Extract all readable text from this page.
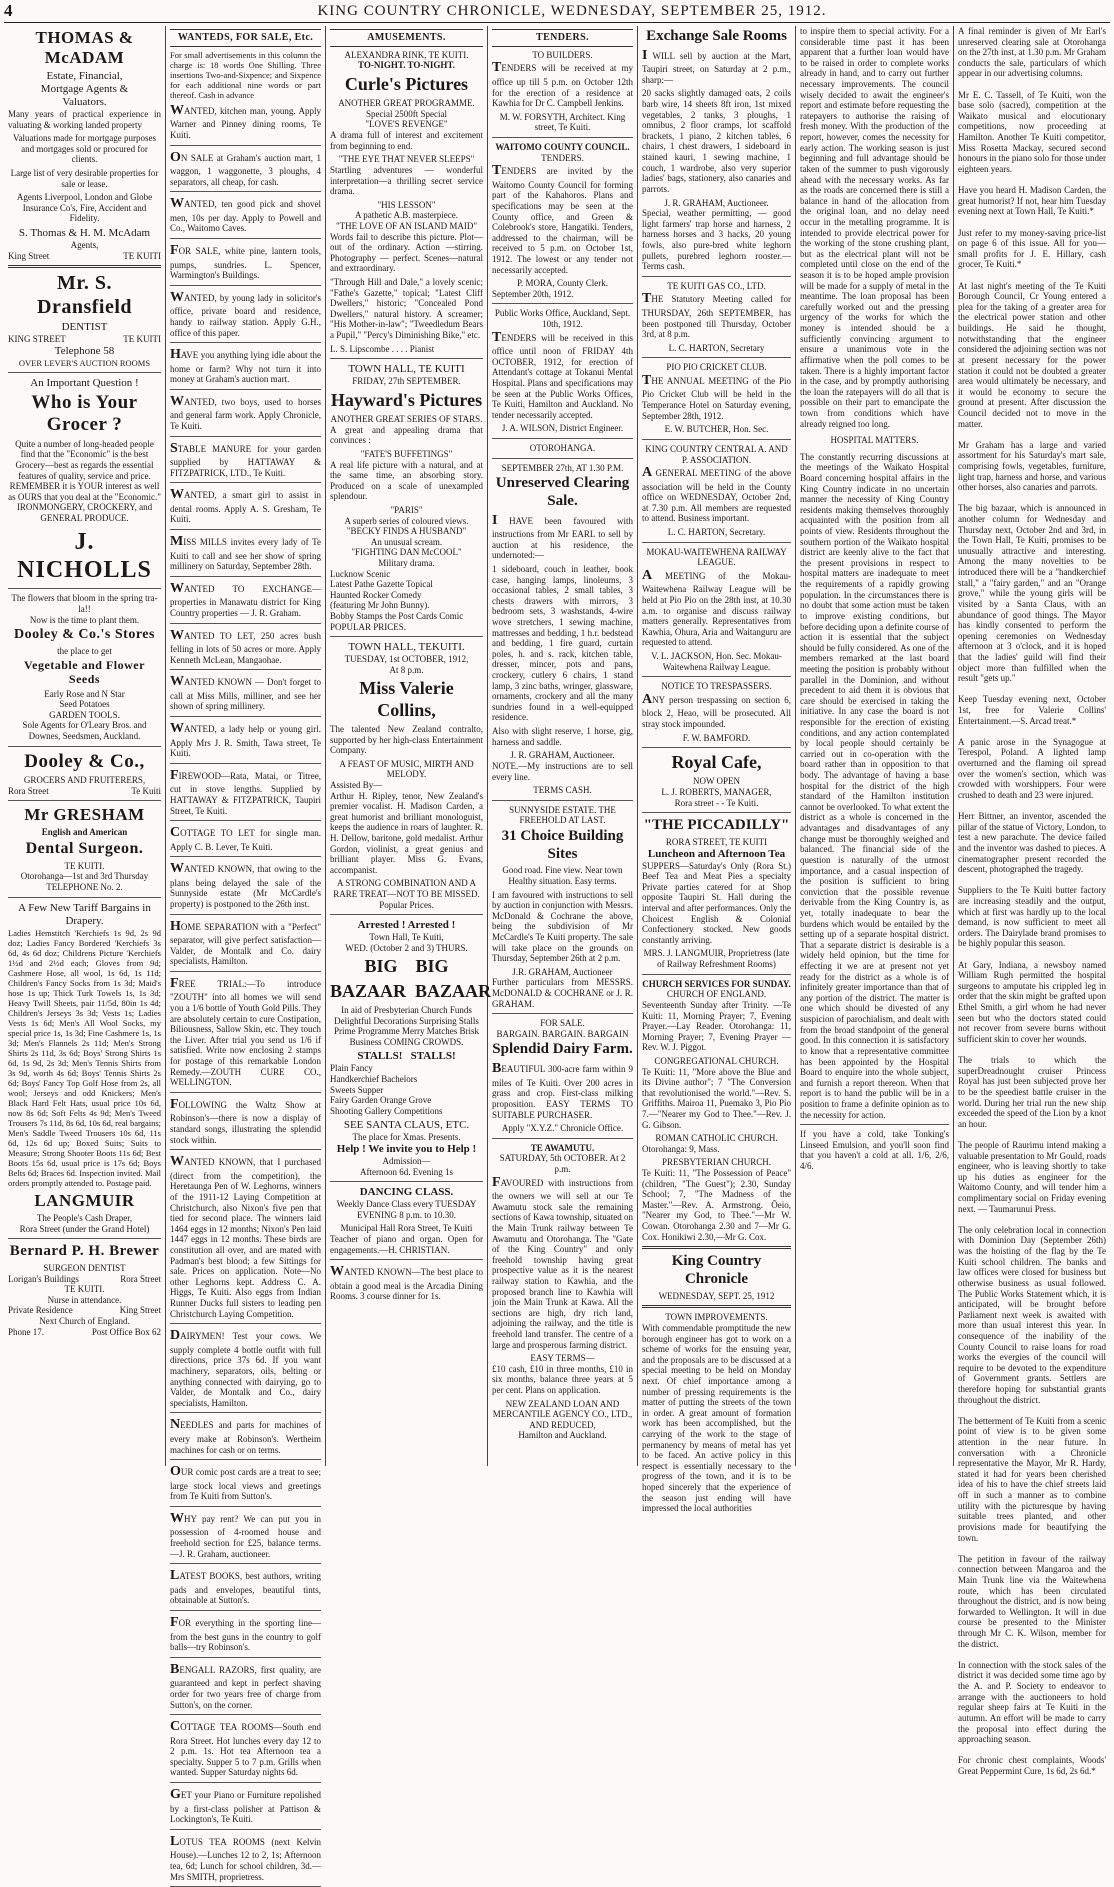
4	KING COUNTRY CHRONICLE, WEDNESDAY, SEPTEMBER 25, 1912.
THOMAS & McADAM
Estate, Financial,
Mortgage Agents &
Valuators.

Many years of practical experience in valuating & working landed property

Valuations made for mortgage purposes and mortgages sold or procured for clients.

Large list of very desirable properties for sale or lease.

Agents Liverpool, London and Globe Insurance Co's, Fire, Accident and Fidelity.

S. Thomas & H. M. McAdam
Agents,
King Street	TE KUITI
Mr. S. Dransfield
DENTIST
KING STREET	TE KUITI
Telephone 58
OVER LEVER'S AUCTION ROOMS
An Important Question !
Who is Your Grocer ?

Quite a number of long-headed people find that the "Economic" is the best Grocery—best as regards the essential features of quality, service and price. REMEMBER it is YOUR interest as well as OURS that you deal at the "Economic." IRONMONGERY, CROCKERY, and GENERAL PRODUCE.

J. NICHOLLS
The flowers that bloom in the spring tra-la!!
Now is the time to plant them.
Dooley & Co.'s Stores
the place to get
Vegetable and Flower Seeds
Early Rose and N Star
Seed Potatoes
GARDEN TOOLS.
Sole Agents for O'Leary Bros. and Downes, Seedsmen, Auckland.
Dooley & Co.,
GROCERS AND FRUITERERS,
Rora Street	Te Kuiti
Mr GRESHAM
English and American
Dental Surgeon.
TE KUITI.
Otorohanga—1st and 3rd Thursday
TELEPHONE No. 2.
A Few New Tariff Bargains in Drapery.

Ladies Hemstitch 'Kerchiefs 1s 9d, 2s 9d doz; Ladies Fancy Bordered 'Kerchiefs 3s 6d, 4s 6d doz; Childrens Picture 'Kerchiefs 1½d and 2½d each; Gloves from 9d; Cashmere Hose, all wool, 1s 6d, 1s 11d; Children's Fancy Socks from 1s 3d; Maid's hose 1s up; Thick Turk Towels 1s, 1s 3d; Heavy Twill Sheets, pair 11/5d, 80in 1s 4d; Children's Jerseys 3s 3d; Vests 1s; Ladies Vests 1s 6d; Men's All Wool Socks, my special price 1s, 1s 3d; Fine Cashmere 1s, 1s 3d; Men's Flannels 2s 11d; Men's Strong Shirts 2s 11d, 3s 6d; Boys' Strong Shirts 1s 6d, 1s 9d, 2s 3d; Men's Tennis Shirts from 3s 9d, worth 4s 6d; Boys' Tennis Shirts 2s 6d; Boys' Fancy Top Golf Hose from 2s, all wool; Jerseys and odd Knickers; Men's Black Hard Felt Hats, usual price 10s 6d, now 8s 6d; Soft Felts 4s 9d; Men's Tweed Trousers 7s 11d, 8s 6d, 10s 6d, real bargains; Men's Saddle Tweed Trousers 10s 6d, 11s 6d, 12s 6d up; Boxed Suits; Suits to Measure; Strong Shooter Boots 11s 6d; Best Boots 15s 6d, usual price is 17s 6d; Boys Belts 6d; Braces 6d. Inspection invited. Mail orders promptly attended to. Postage paid.

LANGMUIR
The People's Cash Draper,
Rora Street (under the Grand Hotel)
Bernard P. H. Brewer
SURGEON DENTIST
Lorigan's Buildings	Rora Street
TE KUITI.
Nurse in attendance.
Private Residence	King Street
Next Church of England.
Phone 17.	Post Office Box 62
WANTEDS, FOR SALE, Etc.

For small advertisements in this column the charge is: 18 words One Shilling. Three insertions Two-and-Sixpence; and Sixpence for each additional nine words or part thereof. Cash in advance

WANTED, kitchen man, young. Apply Warner and Pinney dining rooms, Te Kuiti.

ON SALE at Graham's auction mart, 1 waggon, 1 waggonette, 3 ploughs, 4 separators, all cheap, for cash.

WANTED, ten good pick and shovel men, 10s per day. Apply to Powell and Co., Waitomo Caves.

FOR SALE, white pine, lantern tools, pumps, sundries. L. Spencer, Warmington's Buildings.

WANTED, by young lady in solicitor's office, private board and residence, handy to railway station. Apply G.H., office of this paper.

HAVE you anything lying idle about the home or farm? Why not turn it into money at Graham's auction mart.

WANTED, two boys, used to horses and general farm work. Apply Chronicle, Te Kuiti.

STABLE MANURE for your garden supplied by HATTAWAY & FITZPATRICK, LTD., Te Kuiti.

WANTED, a smart girl to assist in dental rooms. Apply A. S. Gresham, Te Kuiti.

MISS MILLS invites every lady of Te Kuiti to call and see her show of spring millinery on Saturday, September 28th.

WANTED TO EXCHANGE—properties in Manawatu district for King Country properties — J. R. Graham.

WANTED TO LET, 250 acres bush felling in lots of 50 acres or more. Apply Kenneth McLean, Mangaohae.

WANTED KNOWN — Don't forget to call at Miss Mills, milliner, and see her shown of spring millinery.

WANTED, a lady help or young girl. Apply Mrs J. R. Smith, Tawa street, Te Kuiti.

FIREWOOD—Rata, Matai, or Titree, cut in stove lengths. Supplied by HATTAWAY & FITZPATRICK, Taupiri Street, Te Kuiti.

COTTAGE TO LET for single man. Apply C. B. Lever, Te Kuiti.

WANTED KNOWN, that owing to the plans being delayed the sale of the Sunnyside estate (Mr McCardle's property) is postponed to the 26th inst.

HOME SEPARATION with a "Perfect" separator, will give perfect satisfaction—Valder, de Montalk and Co. dairy specialists, Hamilton.

FREE TRIAL:—To introduce "ZOUTH" into all homes we will send you a 1/6 bottle of Youth Gold Pills. They are absolutely certain to cure Costipation, Biliousness, Sallow Skin, etc. They touch the Liver. After trial you send us 1/6 if satisfied. Write now enclosing 2 stamps for postage of this remarkable London Remedy.—ZOUTH CURE CO., WELLINGTON.

FOLLOWING the Waltz Show at Robinson's—there is now a display of standard songs, illustrating the splendid stock within.

WANTED KNOWN, that I purchased (direct from the competition), the Heretaunga Pen of W. Leghorns, winners of the 1911-12 Laying Competition at Christchurch, also Nixon's five pen that tied for second place. The winners laid 1464 eggs in 12 months; Nixon's Pen laid 1447 eggs in 12 months. These birds are constitution all over, and are mated with Padman's best blood; a few Sittings for sale. Prices on application. Note—No other Leghorns kept. Address C. A. Higgs, Te Kuiti. Also eggs from Indian Runner Ducks full sisters to leading pen Christchurch Laying Competition.

DAIRYMEN! Test your cows. We supply complete 4 bottle outfit with full directions, price 37s 6d. If you want machinery, separators, oils, belting or anything connected with dairying, go to Valder, de Montalk and Co., dairy specialists, Hamilton.

NEEDLES and parts for machines of every make at Robinson's. Wertheim machines for cash or on terms.

OUR comic post cards are a treat to see; large stock local views and greetings from Te Kuiti from Sutton's.

WHY pay rent? We can put you in possession of 4-roomed house and freehold section for £25, balance terms.—J. R. Graham, auctioneer.

LATEST BOOKS, best authors, writing pads and envelopes, beautiful tints, obtainable at Sutton's.

FOR everything in the sporting line—from the best guns in the country to golf balls—try Robinson's.

BENGALL RAZORS, first quality, are guaranteed and kept in perfect shaving order for two years free of charge from Sutton's, on the corner.

COTTAGE TEA ROOMS—South end Rora Street. Hot lunches every day 12 to 2 p.m. 1s. Hot tea Afternoon tea a specialty. Supper 5 to 7 p.m. Grills when wanted. Supper Saturday nights 6d.

GET your Piano or Furniture repolished by a first-class polisher at Pattison & Lockington's, Te Kuiti.

LOTUS TEA ROOMS (next Kelvin House).—Lunches 12 to 2, 1s; Afternoon tea, 6d; Lunch for school children, 3d.—Mrs SMITH, proprietress.

AMUSEMENTS.
ALEXANDRA RINK, TE KUITI.
TO-NIGHT. TO-NIGHT.
Curle's Pictures
ANOTHER GREAT PROGRAMME.
Special 2500ft Special
"LOVE'S REVENGE"

A drama full of interest and excitement from beginning to end.

"THE EYE THAT NEVER SLEEPS"

Startling adventures — wonderful interpretation—a thrilling secret service drama.

"HIS LESSON"
A pathetic A.B. masterpiece.
"THE LOVE OF AN ISLAND MAID"

Words fail to describe this picture. Plot—out of the ordinary. Action —stirring. Photography — perfect. Scenes—natural and extraordinary.

"Through Hill and Dale," a lovely scenic; "Fathe's Gazette," topical; "Latest Cliff Dwellers," historic; "Concealed Pond Dwellers," natural history. A screamer; "His Mother-in-law"; "Tweedledum Bears a Pupil," "Percy's Diminishing Bike," etc.

L. S. Lipscombe . . . . Pianist
TOWN HALL, TE KUITI
FRIDAY, 27th SEPTEMBER.
Hayward's Pictures
ANOTHER GREAT SERIES OF STARS.

A great and appealing drama that convinces :

"FATE'S BUFFETINGS"

A real life picture with a natural, and at the same time, an absorbing story. Produced on a scale of unexampled splendour.

"PARIS"
A superb series of coloured views.
"BECKY FINDS A HUSBAND"
An unusual scream.
"FIGHTING DAN McCOOL"
Military drama.

Lucknow Scenic
Latest Pathe Gazette Topical
Haunted Rocker Comedy
(featuring Mr John Bunny).
Bobby Stamps the Post Cards Comic
POPULAR PRICES.

TOWN HALL, TEKUITI.
TUESDAY, 1st OCTOBER, 1912,
At 8 p.m.
Miss Valerie Collins,

The talented New Zealand contralto, supported by her high-class Entertainment Company.

A FEAST OF MUSIC, MIRTH AND MELODY.

Assisted By—
Arthur H. Ripley, tenor, New Zealand's premier vocalist. H. Madison Carden, a great humorist and brilliant monologuist, keeps the audience in roars of laughter. R. H. Dellow, baritone, gold medalist. Arthur Gordon, violinist, a great genius and brilliant player. Miss G. Evans, accompanist.

A STRONG COMBINATION AND A RARE TREAT—NOT TO BE MISSED.
Popular Prices.
Arrested ! Arrested !
Town Hall, Te Kuiti,
WED. (October 2 and 3) THURS.
BIG    BIG
BAZAAR  BAZAAR
In aid of Presbyterian Church Funds

Delightful Decorations Surprising Stalls Prime Programme Merry Matches Brisk Business COMING CROWDS.

STALLS!   STALLS!

Plain Fancy
Handkerchief Bachelors
Sweets Supper
Fairy Garden Orange Grove
Shooting Gallery Competitions

SEE SANTA CLAUS, ETC.
The place for Xmas. Presents.
Help ! We invite you to Help !
Admission—
Afternoon 6d. Evening 1s
DANCING CLASS.

Weekly Dance Class every TUESDAY EVENING 8 p.m. to 10.30.

Municipal Hall Rora Street, Te Kuiti

Teacher of piano and organ. Open for engagements.—H. CHRISTIAN.

WANTED KNOWN—The best place to obtain a good meal is the Arcadia Dining Rooms. 3 course dinner for 1s.

TENDERS.
TO BUILDERS.

TENDERS will be received at my office up till 5 p.m. on October 12th for the erection of a residence at Kawhia for Dr C. Campbell Jenkins.

M. W. FORSYTH, Architect. King street, Te Kuiti.

WAITOMO COUNTY COUNCIL.
TENDERS.

TENDERS are invited by the Waitomo County Council for forming part of the Kahahoros. Plans and specifications may be seen at the County office, and Green & Colebrook's store, Hangatiki. Tenders, addressed to the chairman, will be received to 5 p.m. on October 1st, 1912. The lowest or any tender not necessarily accepted.

P. MORA, County Clerk.
September 20th, 1912.
Public Works Office, Auckland, Sept. 10th, 1912.

TENDERS will be received in this office until noon of FRIDAY 4th OCTOBER, 1912, for erection of Attendant's cottage at Tokanui Mental Hospital. Plans and specifications may be seen at the Public Works Offices, Te Kuiti, Hamilton and Auckland. No tender necessarily accepted.

J. A. WILSON, District Engineer.
OTOROHANGA.
SEPTEMBER 27th, AT 1.30 P.M.
Unreserved Clearing Sale.

I HAVE been favoured with instructions from Mr EARL to sell by auction at his residence, the undernoted:—

1 sideboard, couch in leather, book case, hanging lamps, linoleums, 3 occasional tables, 2 small tables, 3 chests drawers with mirrors, 3 bedroom sets, 3 washstands, 4-wire wove stretchers, 1 sewing machine, mattresses and bedding, 1 h.r. bedstead and bedding, 1 fire guard, curtain poles, h. and s. rack, kitchen table, dresser, mincer, pots and pans, crockery, cutlery 6 chairs, 1 stand lamp, 3 zinc baths, wringer, glassware, ornaments, crockery and all the many sundries found in a well-equipped residence.

Also with slight reserve, 1 horse, gig, harness and saddle.

J. R. GRAHAM, Auctioneer.

NOTE.—My instructions are to sell every line.

TERMS CASH.
SUNNYSIDE ESTATE. THE FREEHOLD AT LAST.
31 Choice Building Sites

Good road. Fine view. Near town Healthy situation. Easy terms.

I am favoured with instructions to sell by auction in conjunction with Messrs. McDonald & Cochrane the above, being the subdivision of Mr McCardle's Te Kuiti property. The sale will take place on the grounds on Thursday, September 26th at 2 p.m.

J.R. GRAHAM, Auctioneer

Further particulars from MESSRS. McDONALD & COCHRANE or J. R. GRAHAM.

FOR SALE.
BARGAIN. BARGAIN. BARGAIN
Splendid Dairy Farm.

BEAUTIFUL 300-acre farm within 9 miles of Te Kuiti. Over 200 acres in grass and crop. First-class milking proposition. EASY TERMS TO SUITABLE PURCHASER.

Apply "X.Y.Z." Chronicle Office.
TE AWAMUTU.
SATURDAY, 5th OCTOBER. At 2 p.m.

FAVOURED with instructions from the owners we will sell at our Te Awamutu stock sale the remaining sections of Kawa township, situated on the Main Trunk railway between Te Awamutu and Otorohanga. The "Gate of the King Country" and only freehold township having great prospective value as it is the nearest railway station to Kawhia, and the proposed branch line to Kawhia will join the Main Trunk at Kawa. All the sections are high, dry rich land, adjoining the railway, and the title is freehold land transfer. The centre of a large and prosperous farming district.

EASY TERMS—

£10 cash, £10 in three months, £10 in six months, balance three years at 5 per cent. Plans on application.

NEW ZEALAND LOAN AND MERCANTILE AGENCY CO., LTD., AND REDUCED,
Hamilton and Auckland.
Exchange Sale Rooms

I WILL sell by auction at the Mart, Taupiri street, on Saturday at 2 p.m., sharp:—

20 sacks slightly damaged oats, 2 coils barb wire, 14 sheets 8ft iron, 1st mixed vegetables, 2 tanks, 3 ploughs, 1 omnibus, 2 floor cramps, lot scaffold brackets, 1 piano, 2 kitchen tables, 6 chairs, 1 chest drawers, 1 sideboard in stained kauri, 1 sewing machine, 1 couch, 1 wardrobe, also very superior ladies' bags, stationery, also canaries and parrots.

J. R. GRAHAM, Auctioneer.

Special, weather permitting, — good light farmers' trap horse and harness, 2 harness horses and 3 hacks, 20 young fowls, also pure-bred white leghorn pullets, purebred leghorn rooster.—Terms cash.

TE KUITI GAS CO., LTD.

THE Statutory Meeting called for THURSDAY, 26th SEPTEMBER, has been postponed till Thursday, October 3rd, at 8 p.m.

L. C. HARTON, Secretary
PIO PIO CRICKET CLUB.

THE ANNUAL MEETING of the Pio Pio Cricket Club will be held in the Temperance Hotel on Saturday evening, September 28th, 1912.

E. W. BUTCHER, Hon. Sec.
KING COUNTRY CENTRAL A. AND P. ASSOCIATION.

A GENERAL MEETING of the above association will be held in the County office on WEDNESDAY, October 2nd, at 7.30 p.m. All members are requested to attend. Business important.

L. C. HARTON, Secretary.
MOKAU-WAITEWHENA RAILWAY LEAGUE.

A MEETING of the Mokau-Waitewhena Railway League will be held at Pio Pio on the 28th inst, at 10.30 a.m. to organise and discuss railway matters generally. Representatives from Kawhia, Ohura, Aria and Waitanguru are requested to attend.

V. L. JACKSON, Hon. Sec. Mokau-Waitewhena Railway League.
NOTICE TO TRESPASSERS.

ANY person trespassing on section 6, block 2, Heao, will be prosecuted. All stray stock impounded.

F. W. BAMFORD.
Royal Cafe,
NOW OPEN
L. J. ROBERTS, MANAGER,
Rora street - - Te Kuiti.
"THE PICCADILLY"
RORA STREET, TE KUITI
Luncheon and Afternoon Tea

SUPPERS—Saturday's Only (Rora St.) Beef Tea and Meat Pies a specialty Private parties catered for at Shop opposite Taupiri St. Hall during the interval and after performances. Only the Choicest English & Colonial Confectionery stocked. New goods constantly arriving.

MRS. J. LANGMUIR, Proprietress (late of Railway Refreshment Rooms)
CHURCH SERVICES FOR SUNDAY.
CHURCH OF ENGLAND.

Seventeenth Sunday after Trinity. —Te Kuiti: 11, Morning Prayer; 7, Evening Prayer.—Lay Reader. Otorohanga: 11, Morning Prayer; 7, Evening Prayer — Rev. W. J. Piggot.

CONGREGATIONAL CHURCH.

Te Kuiti: 11, "More above the Blue and its Divine author"; 7 "The Conversion that revolutionised the world."—Rev. S. Griffiths. Mairoa 11, Puemako 3, Pio Pio 7.—"Nearer my God to Thee."—Rev. J. G. Gibson.

ROMAN CATHOLIC CHURCH.

Otorohanga: 9, Mass.

PRESBYTERIAN CHURCH.

Te Kuiti: 11, "The Possession of Peace" (children, "The Guest"); 2.30, Sunday School; 7, "The Madness of the Master."—Rev. A. Armstrong. Ōeio, "Nearer my God, to Thee."—Mr W. Cowan. Otorohanga 2.30 and 7—Mr G. Cox. Honikiwi 2.30,—Mr G. Cox.

King Country Chronicle
WEDNESDAY, SEPT. 25, 1912
TOWN IMPROVEMENTS.

With commendable promptitude the new borough engineer has got to work on a scheme of works for the ensuing year, and the proposals are to be discussed at a special meeting to be held on Monday next. Of chief importance among a number of pressing requirements is the matter of putting the streets of the town in order. A great amount of formation work has been accomplished, but the carrying of the work to the stage of permanency by means of metal has yet to be faced. An active policy in this respect is essentially necessary to the progress of the town, and it is to be hoped sincerely that the experience of the season just ending will have impressed the local authorities

to inspire them to special activity. For a considerable time past it has been apparent that a further loan would have to be raised in order to complete works already in hand, and to carry out further necessary improvements. The council wisely decided to await the engineer's report and estimate before requesting the ratepayers to authorise the raising of fresh money. With the production of the report, however, comes the necessity for early action. The working season is just beginning and full advantage should be taken of the summer to push vigorously ahead with the necessary works. As far as the roads are concerned there is still a balance in hand of the allocation from the original loan, and no delay need occur in the metalling programme. It is intended to provide electrical power for the working of the stone crushing plant, but as the electrical plant will not be completed until close on the end of the season it is to be hoped ample provision will be made for a supply of metal in the meantime. The loan proposal has been carefully worked out and the pressing urgency of the works for which the money is intended should be a sufficiently convincing argument to ensure a unanimous vote in the affirmative when the poll comes to be taken. There is a highly important factor in the case, and by promptly authorising the loan the ratepayers will do all that is possible on their part to emancipate the town from conditions which have already reigned too long.

HOSPITAL MATTERS.

The constantly recurring discussions at the meetings of the Waikato Hospital Board concerning hospital affairs in the King Country indicate in no uncertain manner the necessity of King Country residents making themselves thoroughly acquainted with the position from all points of view. Residents throughout the southern portion of the Waikato hospital district are keenly alive to the fact that the present provisions in respect to hospital matters are inadequate to meet the requirements of a rapidly growing population. In the circumstances there is no doubt that some action must be taken to improve existing conditions, but before deciding upon a definite course of action it is essential that the subject should be fully considered. As one of the members remarked at the last board meeting the position is probably without parallel in the Dominion, and without precedent to aid them it is obvious that care should be exercised in taking the initiative. In any case the board is not responsible for the erection of existing conditions, and any action contemplated by local people should certainly be carried out in co-operation with the board rather than in opposition to that body. The advantage of having a base hospital for the district of the high standard of the Hamilton institution cannot be overlooked. To what extent the district as a whole is concerned in the advantages and disadvantages of any change must be thoroughly weighed and balanced. The financial side of the question is naturally of the utmost importance, and a casual inspection of the position is sufficient to bring conviction that the possible revenue derivable from the King Country is, as yet, totally inadequate to bear the burdens which would be entailed by the setting up of a separate hospital district. That a separate district is desirable is a widely held opinion, but the time for effecting it we are at present not yet ready for the district as a whole is of infinitely greater importance than that of any portion of the district. The matter is one which should be divested of any suspicion of parochialism, and dealt with from the broad standpoint of the general good. In this connection it is satisfactory to know that a representative committee has been appointed by the Hospital Board to enquire into the whole subject, and furnish a report thereon. When that report is to hand the public will be in a position to frame a definite opinion as to the necessity for action.

If you have a cold, take Tonking's Linseed Emulsion, and you'll soon find that you haven't a cold at all. 1/6, 2/6, 4/6.

A final reminder is given of Mr Earl's unreserved clearing sale at Otorohanga on the 27th inst, at 1.30 p.m. Mr Graham conducts the sale, particulars of which appear in our advertising columns.

Mr E. C. Tassell, of Te Kuiti, won the base solo (sacred), competition at the Waikato musical and elocutionary competitions, now proceeding at Hamilton. Another Te Kuiti competitor, Miss Rosetta Mackay, secured second honours in the piano solo for those under eighteen years.

Have you heard H. Madison Carden, the great humorist? If not, hear him Tuesday evening next at Town Hall, Te Kuiti.*

Just refer to my money-saving price-list on page 6 of this issue. All for you—small profits for J. E. Hillary, cash grocer, Te Kuiti.*

At last night's meeting of the Te Kuiti Borough Council, Cr Young entered a plea for the taking of a greater area for the electrical power station and other buildings. He said he thought, notwithstanding that the engineer considered the adjoining section was not at present necessary for the power station it could not be doubted a greater area would ultimately be necessary, and it would be economy to secure the ground at present. After discussion the Council decided not to move in the matter.

Mr Graham has a large and varied assortment for his Saturday's mart sale, comprising fowls, vegetables, furniture, light trap, harness and horse, and various other horses, also canaries and parrots.

The big bazaar, which is announced in another column for Wednesday and Thursday next, October 2nd and 3rd, in the Town Hall, Te Kuiti, promises to be unusually attractive and interesting. Among the many novelties to be introduced there will be a "handkerchief stall," a "fairy garden," and an "Orange grove," while the young girls will be visited by a Santa Claus, with an abundance of good things. The Mayor has kindly consented to perform the opening ceremonies on Wednesday afternoon at 3 o'clock, and it is hoped that the ladies' guild will find their object more than fulfilled when the result "gets up."

Keep Tuesday evening next, October 1st, free for Valerie Collins' Entertainment.—S. Arcad treat.*

A panic arose in the Synagogue at Terespol, Poland. A lighted lamp overturned and the flaming oil spread over the women's section, which was crowded with worshippers. Four were crushed to death and 23 were injured.

Herr Bittner, an inventor, ascended the pillar of the statue of Victory, London, to test a new parachute. The device failed and the inventor was dashed to pieces. A cinematographer present recorded the descent, photographed the tragedy.

Suppliers to the Te Kuiti butter factory are increasing steadily and the output, which at first was hardly up to the local demand, is now sufficient to meet all orders. The Dairylade brand promises to be highly popular this season.

At Gary, Indiana, a newsboy named William Rugh permitted the hospital surgeons to amputate his crippled leg in order that the skin might be grafted upon Ethel Smith, a girl whom he had never seen but who the doctors stated could not recover from severe burns without sufficient skin to cover her wounds.

The trials to which the superDreadnought cruiser Princess Royal has just been subjected prove her to be the speediest battle cruiser in the world. During her trial run the new ship exceeded the speed of the Lion by a knot an hour.

The people of Raurimu intend making a valuable presentation to Mr Gould, roads engineer, who is leaving shortly to take up his duties as engineer for the Waitomo County, and will tender him a complimentary social on Friday evening next. — Taumarunui Press.

The only celebration local in connection with Dominion Day (September 26th) was the hoisting of the flag by the Te Kuiti school children. The banks and law offices were closed for business but otherwise business as usual followed. The Public Works Statement which, it is anticipated, will be brought before Parliament next week is awaited with more than usual interest this year. In consequence of the inability of the County Council to raise loans for road works the evergies of the council will require to be devoted to the expenditure of Government grants. Settlers are therefore hoping for substantial grants throughout the district.

The betterment of Te Kuiti from a scenic point of view is to be given some attention in the near future. In conversation with a Chronicle representative the Mayor, Mr R. Hardy, stated it had for years been cherished idea of his to have the chief streets laid off in such a manner as to combine utility with the picturesque by having suitable trees planted, and other provisions made for beautifying the town.

The petition in favour of the railway connection between Mangaroa and the Main Trunk line via the Waitewhena route, which has been circulated throughout the district, and is now being forwarded to Wellington. It will in due course be presented to the Minister through Mr C. K. Wilson, member for the district.

In connection with the stock sales of the district it was decided some time ago by the A. and P. Society to endeavor to arrange with the auctioneers to hold regular sheep fairs at Te Kuiti in the autumn. An effort will be made to carry the proposal into effect during the approaching season.

For chronic chest complaints, Woods' Great Peppermint Cure, 1s 6d, 2s 6d.*
